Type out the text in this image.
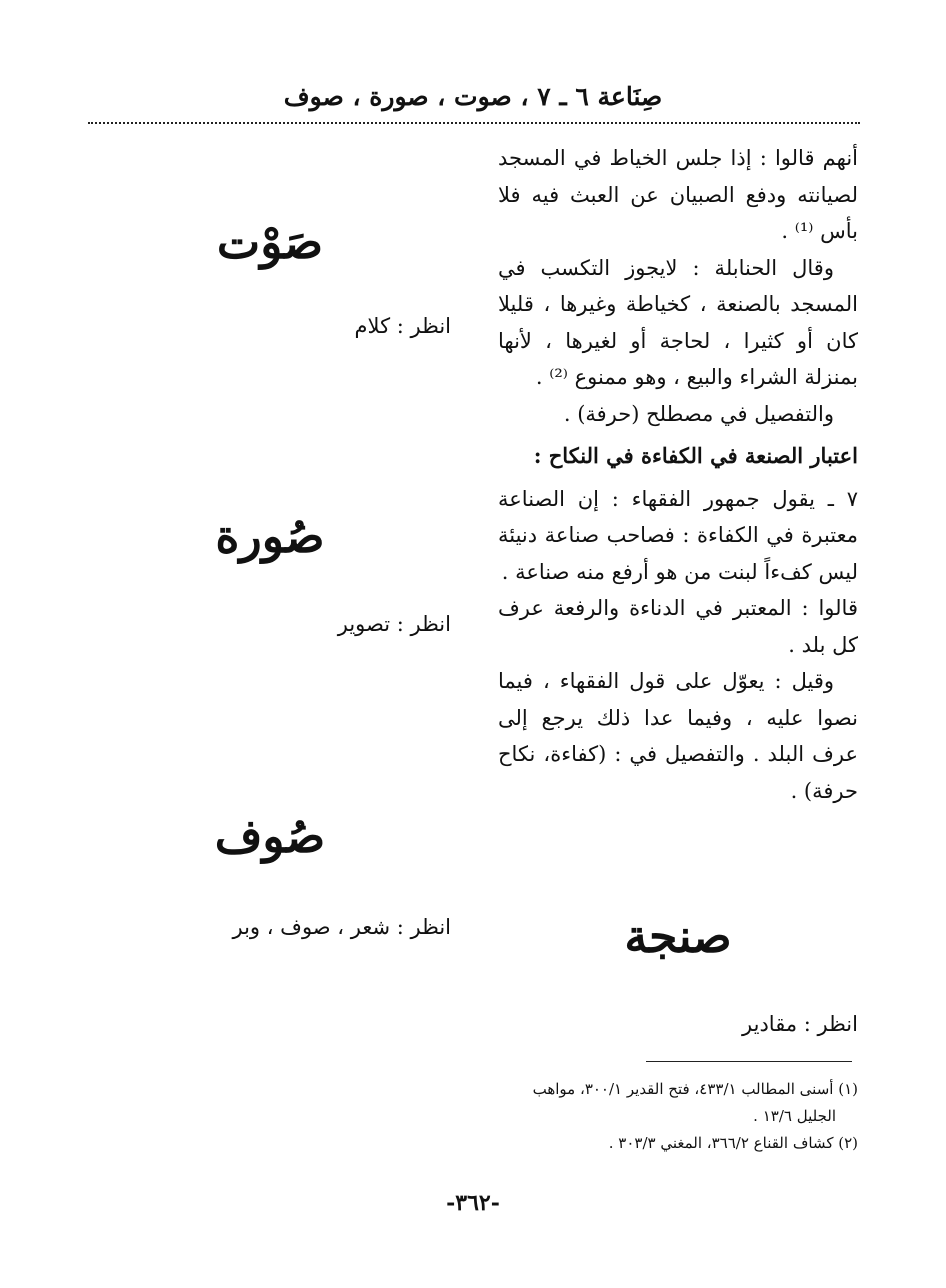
صِنَاعة ٦ ـ ٧ ، صوت ، صورة ، صوف

أنهم قالوا : إذا جلس الخياط في المسجد لصيانته ودفع الصبيان عن العبث فيه فلا بأس ⁽¹⁾ .

وقال الحنابلة : لايجوز التكسب في المسجد بالصنعة ، كخياطة وغيرها ، قليلا كان أو كثيرا ، لحاجة أو لغيرها ، لأنها بمنزلة الشراء والبيع ، وهو ممنوع ⁽²⁾ .

والتفصيل في مصطلح (حرفة) .

اعتبار الصنعة في الكفاءة في النكاح :

٧ ـ يقول جمهور الفقهاء : إن الصناعة معتبرة في الكفاءة : فصاحب صناعة دنيئة ليس كفءاً لبنت من هو أرفع منه صناعة .

قالوا : المعتبر في الدناءة والرفعة عرف كل بلد .

وقيل : يعوّل على قول الفقهاء ، فيما نصوا عليه ، وفيما عدا ذلك يرجع إلى عرف البلد . والتفصيل في : (كفاءة، نكاح حرفة) .

صَوْت
انظر : كلام
صُورة
انظر : تصوير
صُوف
انظر : شعر ، صوف ، وبر	صنجة
انظر : مقادير

(١) أسنى المطالب ٤٣٣/١، فتح القدير ٣٠٠/١، مواهب

الجليل ١٣/٦ .

(٢) كشاف القناع ٣٦٦/٢، المغني ٣٠٣/٣ .

-٣٦٢-
